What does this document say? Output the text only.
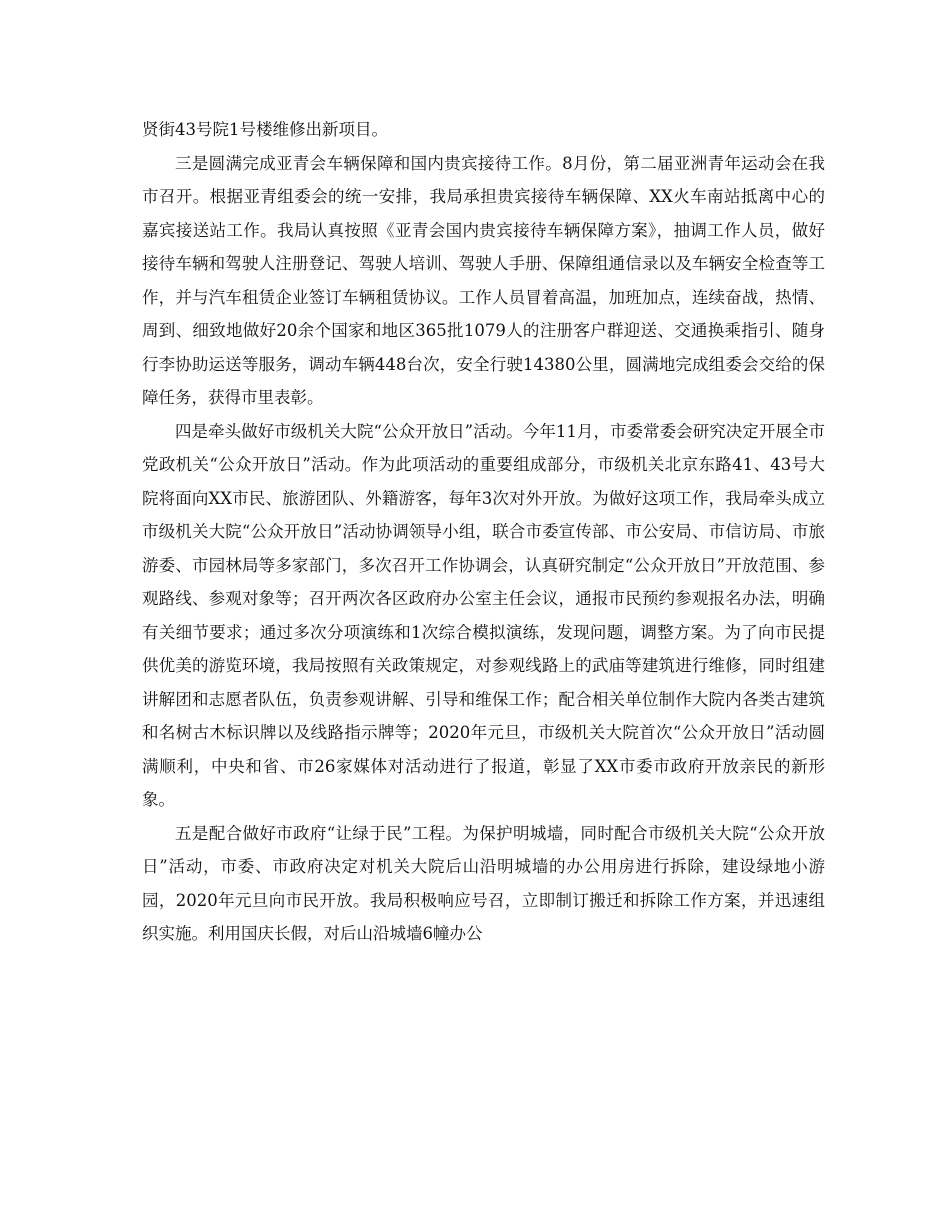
贤街43号院1号楼维修出新项目。

三是圆满完成亚青会车辆保障和国内贵宾接待工作。8月份，第二届亚洲青年运动会在我市召开。根据亚青组委会的统一安排，我局承担贵宾接待车辆保障、XX火车南站抵离中心的嘉宾接送站工作。我局认真按照《亚青会国内贵宾接待车辆保障方案》，抽调工作人员，做好接待车辆和驾驶人注册登记、驾驶人培训、驾驶人手册、保障组通信录以及车辆安全检查等工作，并与汽车租赁企业签订车辆租赁协议。工作人员冒着高温，加班加点，连续奋战，热情、周到、细致地做好20余个国家和地区365批1079人的注册客户群迎送、交通换乘指引、随身行李协助运送等服务，调动车辆448台次，安全行驶14380公里，圆满地完成组委会交给的保障任务，获得市里表彰。

四是牵头做好市级机关大院“公众开放日”活动。今年11月，市委常委会研究决定开展全市党政机关“公众开放日”活动。作为此项活动的重要组成部分，市级机关北京东路41、43号大院将面向XX市民、旅游团队、外籍游客，每年3次对外开放。为做好这项工作，我局牵头成立市级机关大院“公众开放日”活动协调领导小组，联合市委宣传部、市公安局、市信访局、市旅游委、市园林局等多家部门，多次召开工作协调会，认真研究制定“公众开放日”开放范围、参观路线、参观对象等；召开两次各区政府办公室主任会议，通报市民预约参观报名办法，明确有关细节要求；通过多次分项演练和1次综合模拟演练，发现问题，调整方案。为了向市民提供优美的游览环境，我局按照有关政策规定，对参观线路上的武庙等建筑进行维修，同时组建讲解团和志愿者队伍，负责参观讲解、引导和维保工作；配合相关单位制作大院内各类古建筑和名树古木标识牌以及线路指示牌等；2020年元旦，市级机关大院首次“公众开放日”活动圆满顺利，中央和省、市26家媒体对活动进行了报道，彰显了XX市委市政府开放亲民的新形象。

五是配合做好市政府“让绿于民”工程。为保护明城墙，同时配合市级机关大院“公众开放日”活动，市委、市政府决定对机关大院后山沿明城墙的办公用房进行拆除，建设绿地小游园，2020年元旦向市民开放。我局积极响应号召，立即制订搬迁和拆除工作方案，并迅速组织实施。利用国庆长假，对后山沿城墙6幢办公
